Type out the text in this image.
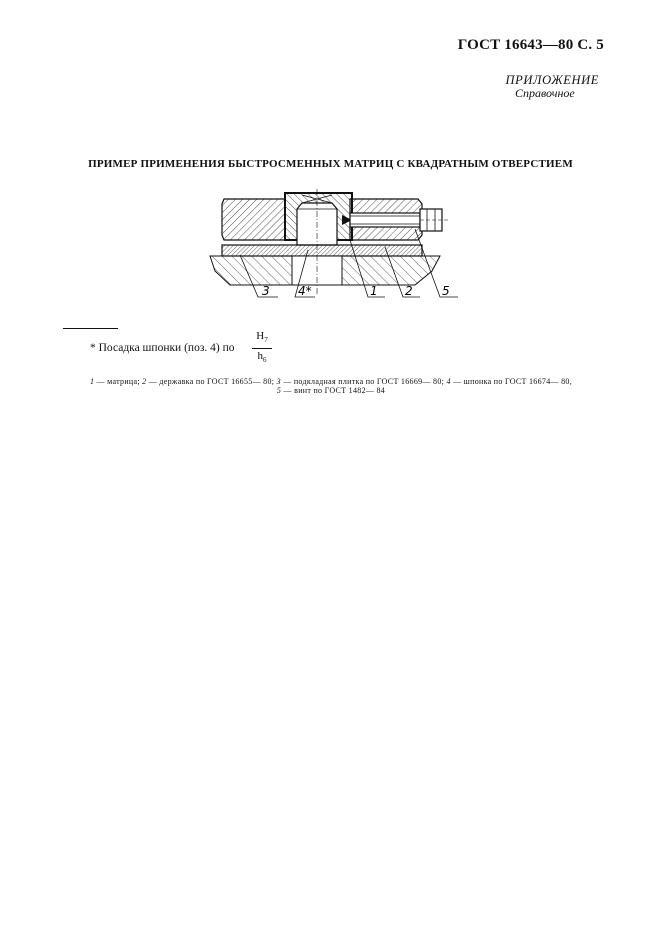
ГОСТ 16643—80 С. 5
ПРИЛОЖЕНИЕ
Справочное
ПРИМЕР ПРИМЕНЕНИЯ БЫСТРОСМЕННЫХ МАТРИЦ С КВАДРАТНЫМ ОТВЕРСТИЕМ
3 4*	1 2 5
* Посадка шпонки (поз. 4) по
$H_7$
$h_6$
1 — матрица; 2 — державка по ГОСТ 16655— 80; 3 — подкладная плитка по ГОСТ 16669— 80; 4 — шпонка по ГОСТ 16674— 80,
5 — винт по ГОСТ 1482— 84
